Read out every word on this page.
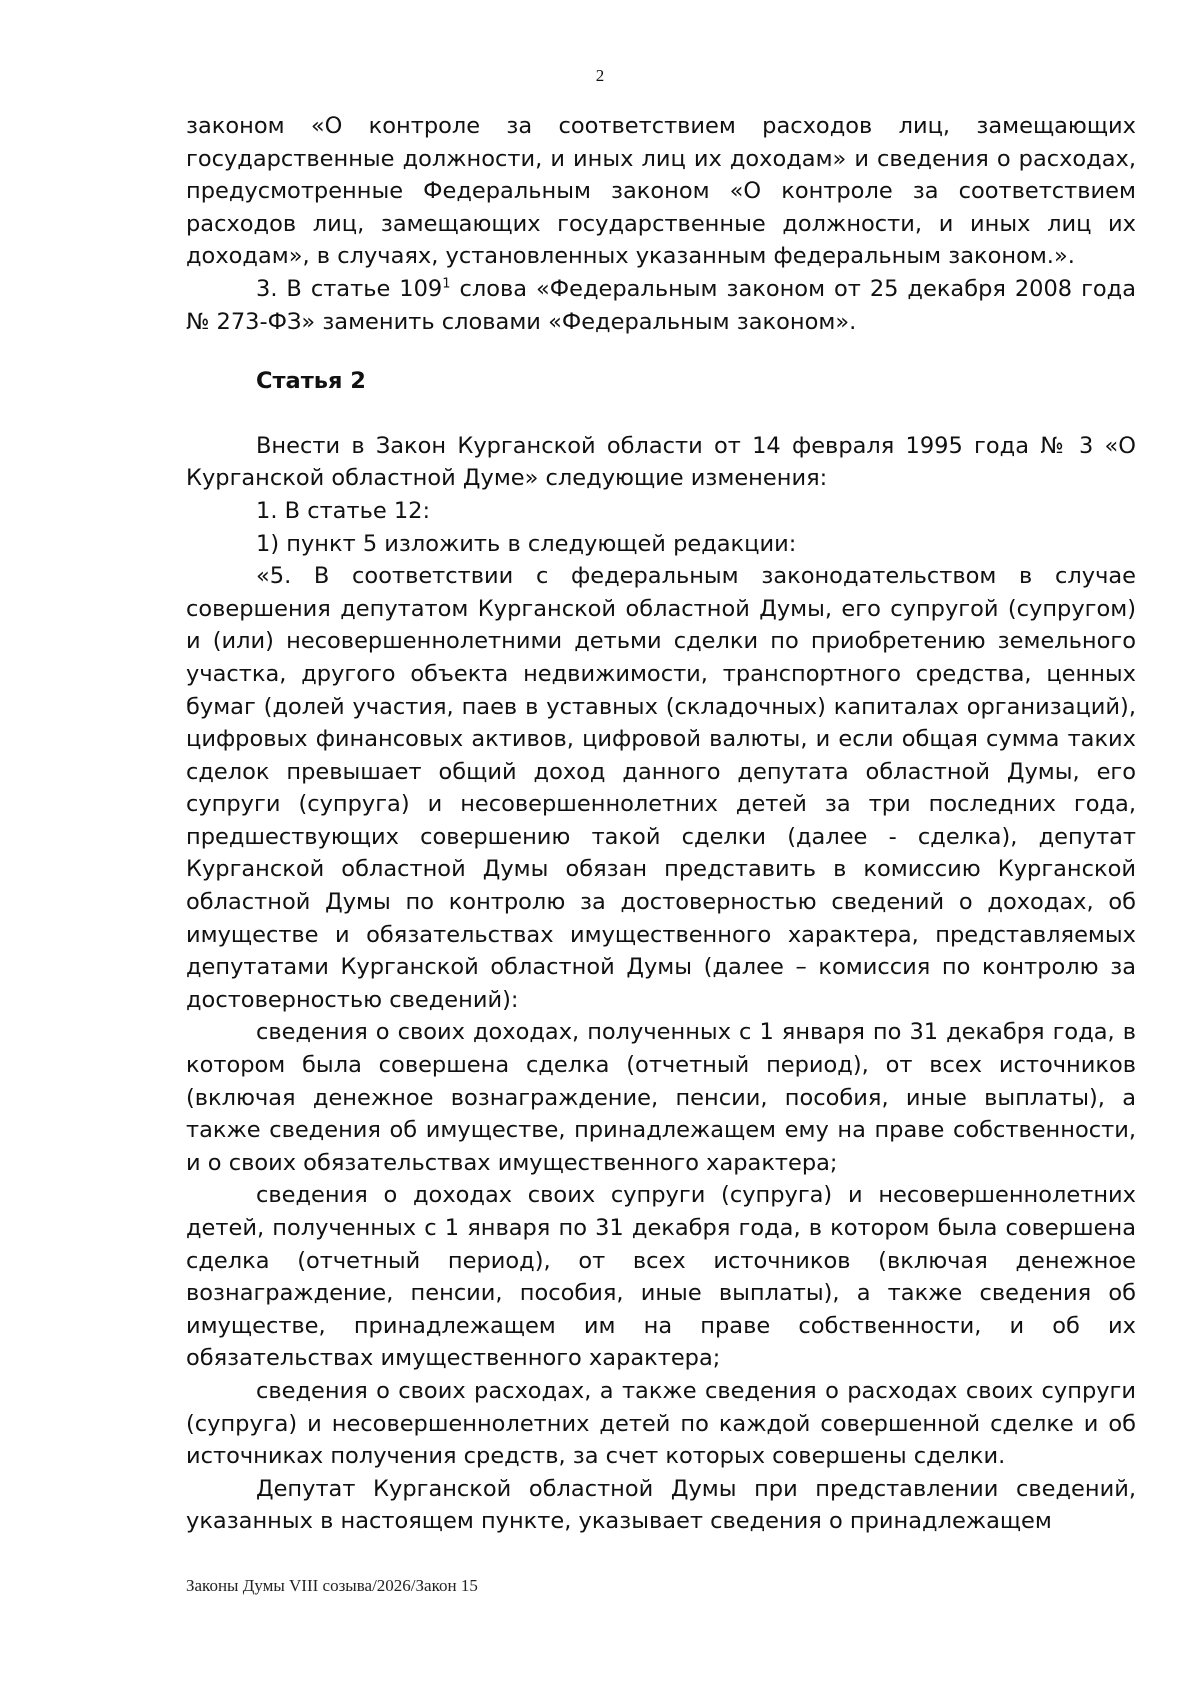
2

законом «О контроле за соответствием расходов лиц, замещающих государственные должности, и иных лиц их доходам» и сведения о расходах, предусмотренные Федеральным законом «О контроле за соответствием расходов лиц, замещающих государственные должности, и иных лиц их доходам», в случаях, установленных указанным федеральным законом.».

3. В статье $109^1$ слова «Федеральным законом от 25 декабря 2008 года № 273-ФЗ» заменить словами «Федеральным законом».

Статья 2

Внести в Закон Курганской области от 14 февраля 1995 года № 3 «О Курганской областной Думе» следующие изменения:

1. В статье 12:

1) пункт 5 изложить в следующей редакции:

«5. В соответствии с федеральным законодательством в случае совершения депутатом Курганской областной Думы, его супругой (супругом) и (или) несовершеннолетними детьми сделки по приобретению земельного участка, другого объекта недвижимости, транспортного средства, ценных бумаг (долей участия, паев в уставных (складочных) капиталах организаций), цифровых финансовых активов, цифровой валюты, и если общая сумма таких сделок превышает общий доход данного депутата областной Думы, его супруги (супруга) и несовершеннолетних детей за три последних года, предшествующих совершению такой сделки (далее - сделка), депутат Курганской областной Думы обязан представить в комиссию Курганской областной Думы по контролю за достоверностью сведений о доходах, об имуществе и обязательствах имущественного характера, представляемых депутатами Курганской областной Думы (далее – комиссия по контролю за достоверностью сведений):

сведения о своих доходах, полученных с 1 января по 31 декабря года, в котором была совершена сделка (отчетный период), от всех источников (включая денежное вознаграждение, пенсии, пособия, иные выплаты), а также сведения об имуществе, принадлежащем ему на праве собственности, и о своих обязательствах имущественного характера;

сведения о доходах своих супруги (супруга) и несовершеннолетних детей, полученных с 1 января по 31 декабря года, в котором была совершена сделка (отчетный период), от всех источников (включая денежное вознаграждение, пенсии, пособия, иные выплаты), а также сведения об имуществе, принадлежащем им на праве собственности, и об их обязательствах имущественного характера;

сведения о своих расходах, а также сведения о расходах своих супруги (супруга) и несовершеннолетних детей по каждой совершенной сделке и об источниках получения средств, за счет которых совершены сделки.

Депутат Курганской областной Думы при представлении сведений, указанных в настоящем пункте, указывает сведения о принадлежащем

Законы Думы VIII созыва/2026/Закон 15
